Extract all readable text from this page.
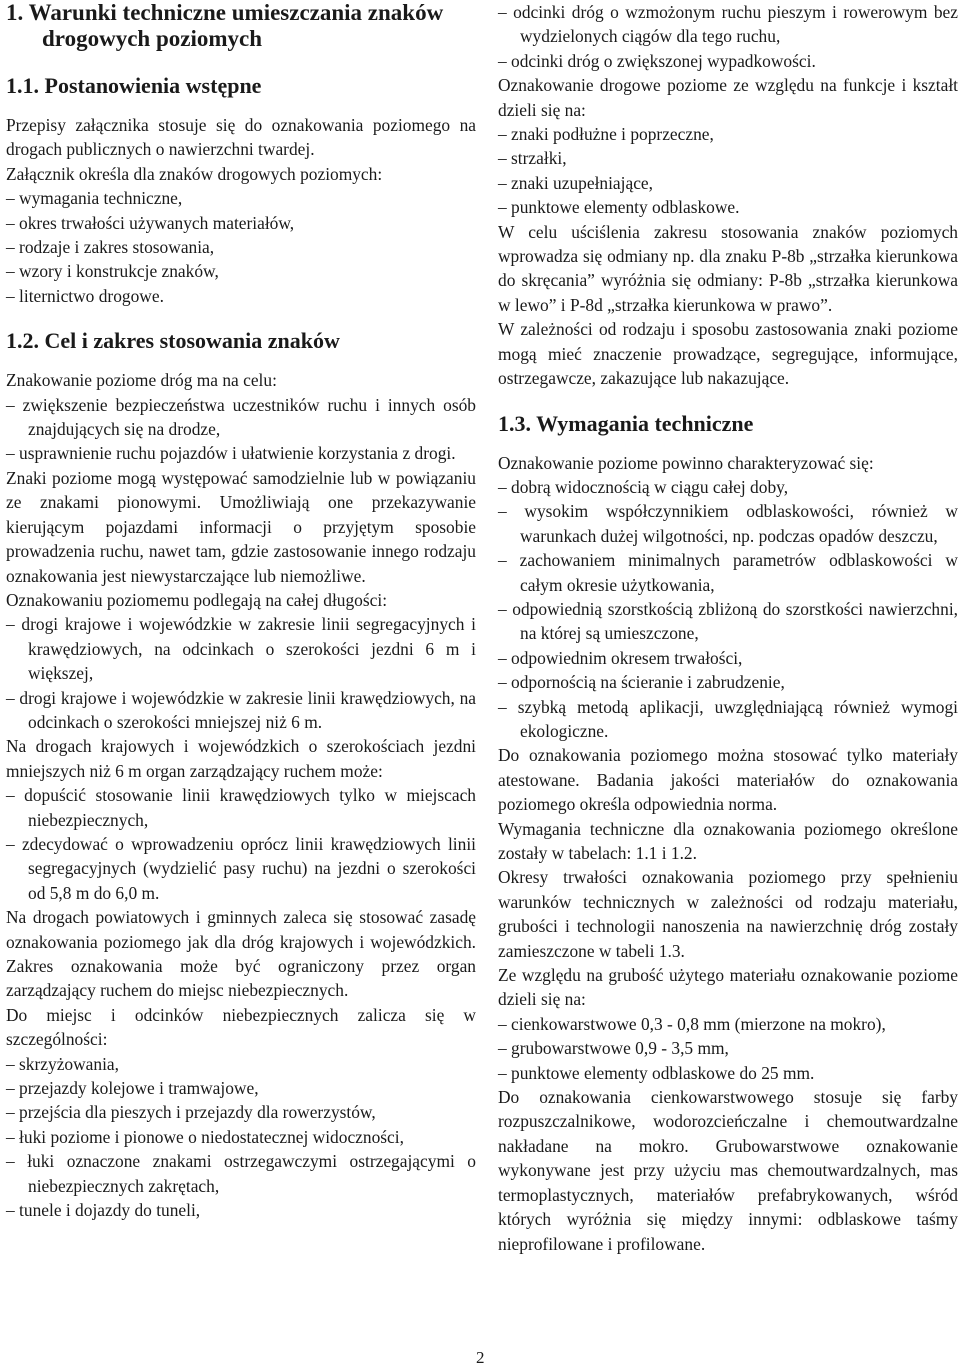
1. Warunki techniczne umieszczania znaków drogowych poziomych
1.1. Postanowienia wstępne

Przepisy załącznika stosuje się do oznakowania poziomego na drogach publicznych o nawierzchni twardej.

Załącznik określa dla znaków drogowych poziomych:

– wymagania techniczne,
– okres trwałości używanych materiałów,
– rodzaje i zakres stosowania,
– wzory i konstrukcje znaków,
– liternictwo drogowe.
1.2. Cel i zakres stosowania znaków

Znakowanie poziome dróg ma na celu:

– zwiększenie bezpieczeństwa uczestników ruchu i innych osób znajdujących się na drodze,
– usprawnienie ruchu pojazdów i ułatwienie korzystania z drogi.

Znaki poziome mogą występować samodzielnie lub w powiązaniu ze znakami pionowymi. Umożliwiają one przekazywanie kierującym pojazdami informacji o przyjętym sposobie prowadzenia ruchu, nawet tam, gdzie zastosowanie innego rodzaju oznakowania jest niewystarczające lub niemożliwe.

Oznakowaniu poziomemu podlegają na całej długości:

– drogi krajowe i wojewódzkie w zakresie linii segregacyjnych i krawędziowych, na odcinkach o szerokości jezdni 6 m i większej,
– drogi krajowe i wojewódzkie w zakresie linii krawędziowych, na odcinkach o szerokości mniejszej niż 6 m.

Na drogach krajowych i wojewódzkich o szerokościach jezdni mniejszych niż 6 m organ zarządzający ruchem może:

– dopuścić stosowanie linii krawędziowych tylko w miejscach niebezpiecznych,
– zdecydować o wprowadzeniu oprócz linii krawędziowych linii segregacyjnych (wydzielić pasy ruchu) na jezdni o szerokości od 5,8 m do 6,0 m.

Na drogach powiatowych i gminnych zaleca się stosować zasadę oznakowania poziomego jak dla dróg krajowych i wojewódzkich. Zakres oznakowania może być ograniczony przez organ zarządzający ruchem do miejsc niebezpiecznych.

Do miejsc i odcinków niebezpiecznych zalicza się w szczególności:

– skrzyżowania,
– przejazdy kolejowe i tramwajowe,
– przejścia dla pieszych i przejazdy dla rowerzystów,
– łuki poziome i pionowe o niedostatecznej widoczności,
– łuki oznaczone znakami ostrzegawczymi ostrzegającymi o niebezpiecznych zakrętach,
– tunele i dojazdy do tuneli,
– odcinki dróg o wzmożonym ruchu pieszym i rowerowym bez wydzielonych ciągów dla tego ruchu,
– odcinki dróg o zwiększonej wypadkowości.

Oznakowanie drogowe poziome ze względu na funkcje i kształt dzieli się na:

– znaki podłużne i poprzeczne,
– strzałki,
– znaki uzupełniające,
– punktowe elementy odblaskowe.

W celu uściślenia zakresu stosowania znaków poziomych wprowadza się odmiany np. dla znaku P-8b „strzałka kierunkowa do skręcania” wyróżnia się odmiany: P-8b „strzałka kierunkowa w lewo” i P-8d „strzałka kierunkowa w prawo”.

W zależności od rodzaju i sposobu zastosowania znaki poziome mogą mieć znaczenie prowadzące, segregujące, informujące, ostrzegawcze, zakazujące lub nakazujące.

1.3. Wymagania techniczne

Oznakowanie poziome powinno charakteryzować się:

– dobrą widocznością w ciągu całej doby,
– wysokim współczynnikiem odblaskowości, również w warunkach dużej wilgotności, np. podczas opadów deszczu,
– zachowaniem minimalnych parametrów odblaskowości w całym okresie użytkowania,
– odpowiednią szorstkością zbliżoną do szorstkości nawierzchni, na której są umieszczone,
– odpowiednim okresem trwałości,
– odpornością na ścieranie i zabrudzenie,
– szybką metodą aplikacji, uwzględniającą również wymogi ekologiczne.

Do oznakowania poziomego można stosować tylko materiały atestowane. Badania jakości materiałów do oznakowania poziomego określa odpowiednia norma.

Wymagania techniczne dla oznakowania poziomego określone zostały w tabelach: 1.1 i 1.2.

Okresy trwałości oznakowania poziomego przy spełnieniu warunków technicznych w zależności od rodzaju materiału, grubości i technologii nanoszenia na nawierzchnię dróg zostały zamieszczone w tabeli 1.3.

Ze względu na grubość użytego materiału oznakowanie poziome dzieli się na:

– cienkowarstwowe 0,3 - 0,8 mm (mierzone na mokro),
– grubowarstwowe 0,9 - 3,5 mm,
– punktowe elementy odblaskowe do 25 mm.

Do oznakowania cienkowarstwowego stosuje się farby rozpuszczalnikowe, wodorozcieńczalne i chemoutwardzalne nakładane na mokro. Grubowarstwowe oznakowanie wykonywane jest przy użyciu mas chemoutwardzalnych, mas termoplastycznych, materiałów prefabrykowanych, wśród których wyróżnia się między innymi: odblaskowe taśmy nieprofilowane i profilowane.

2
